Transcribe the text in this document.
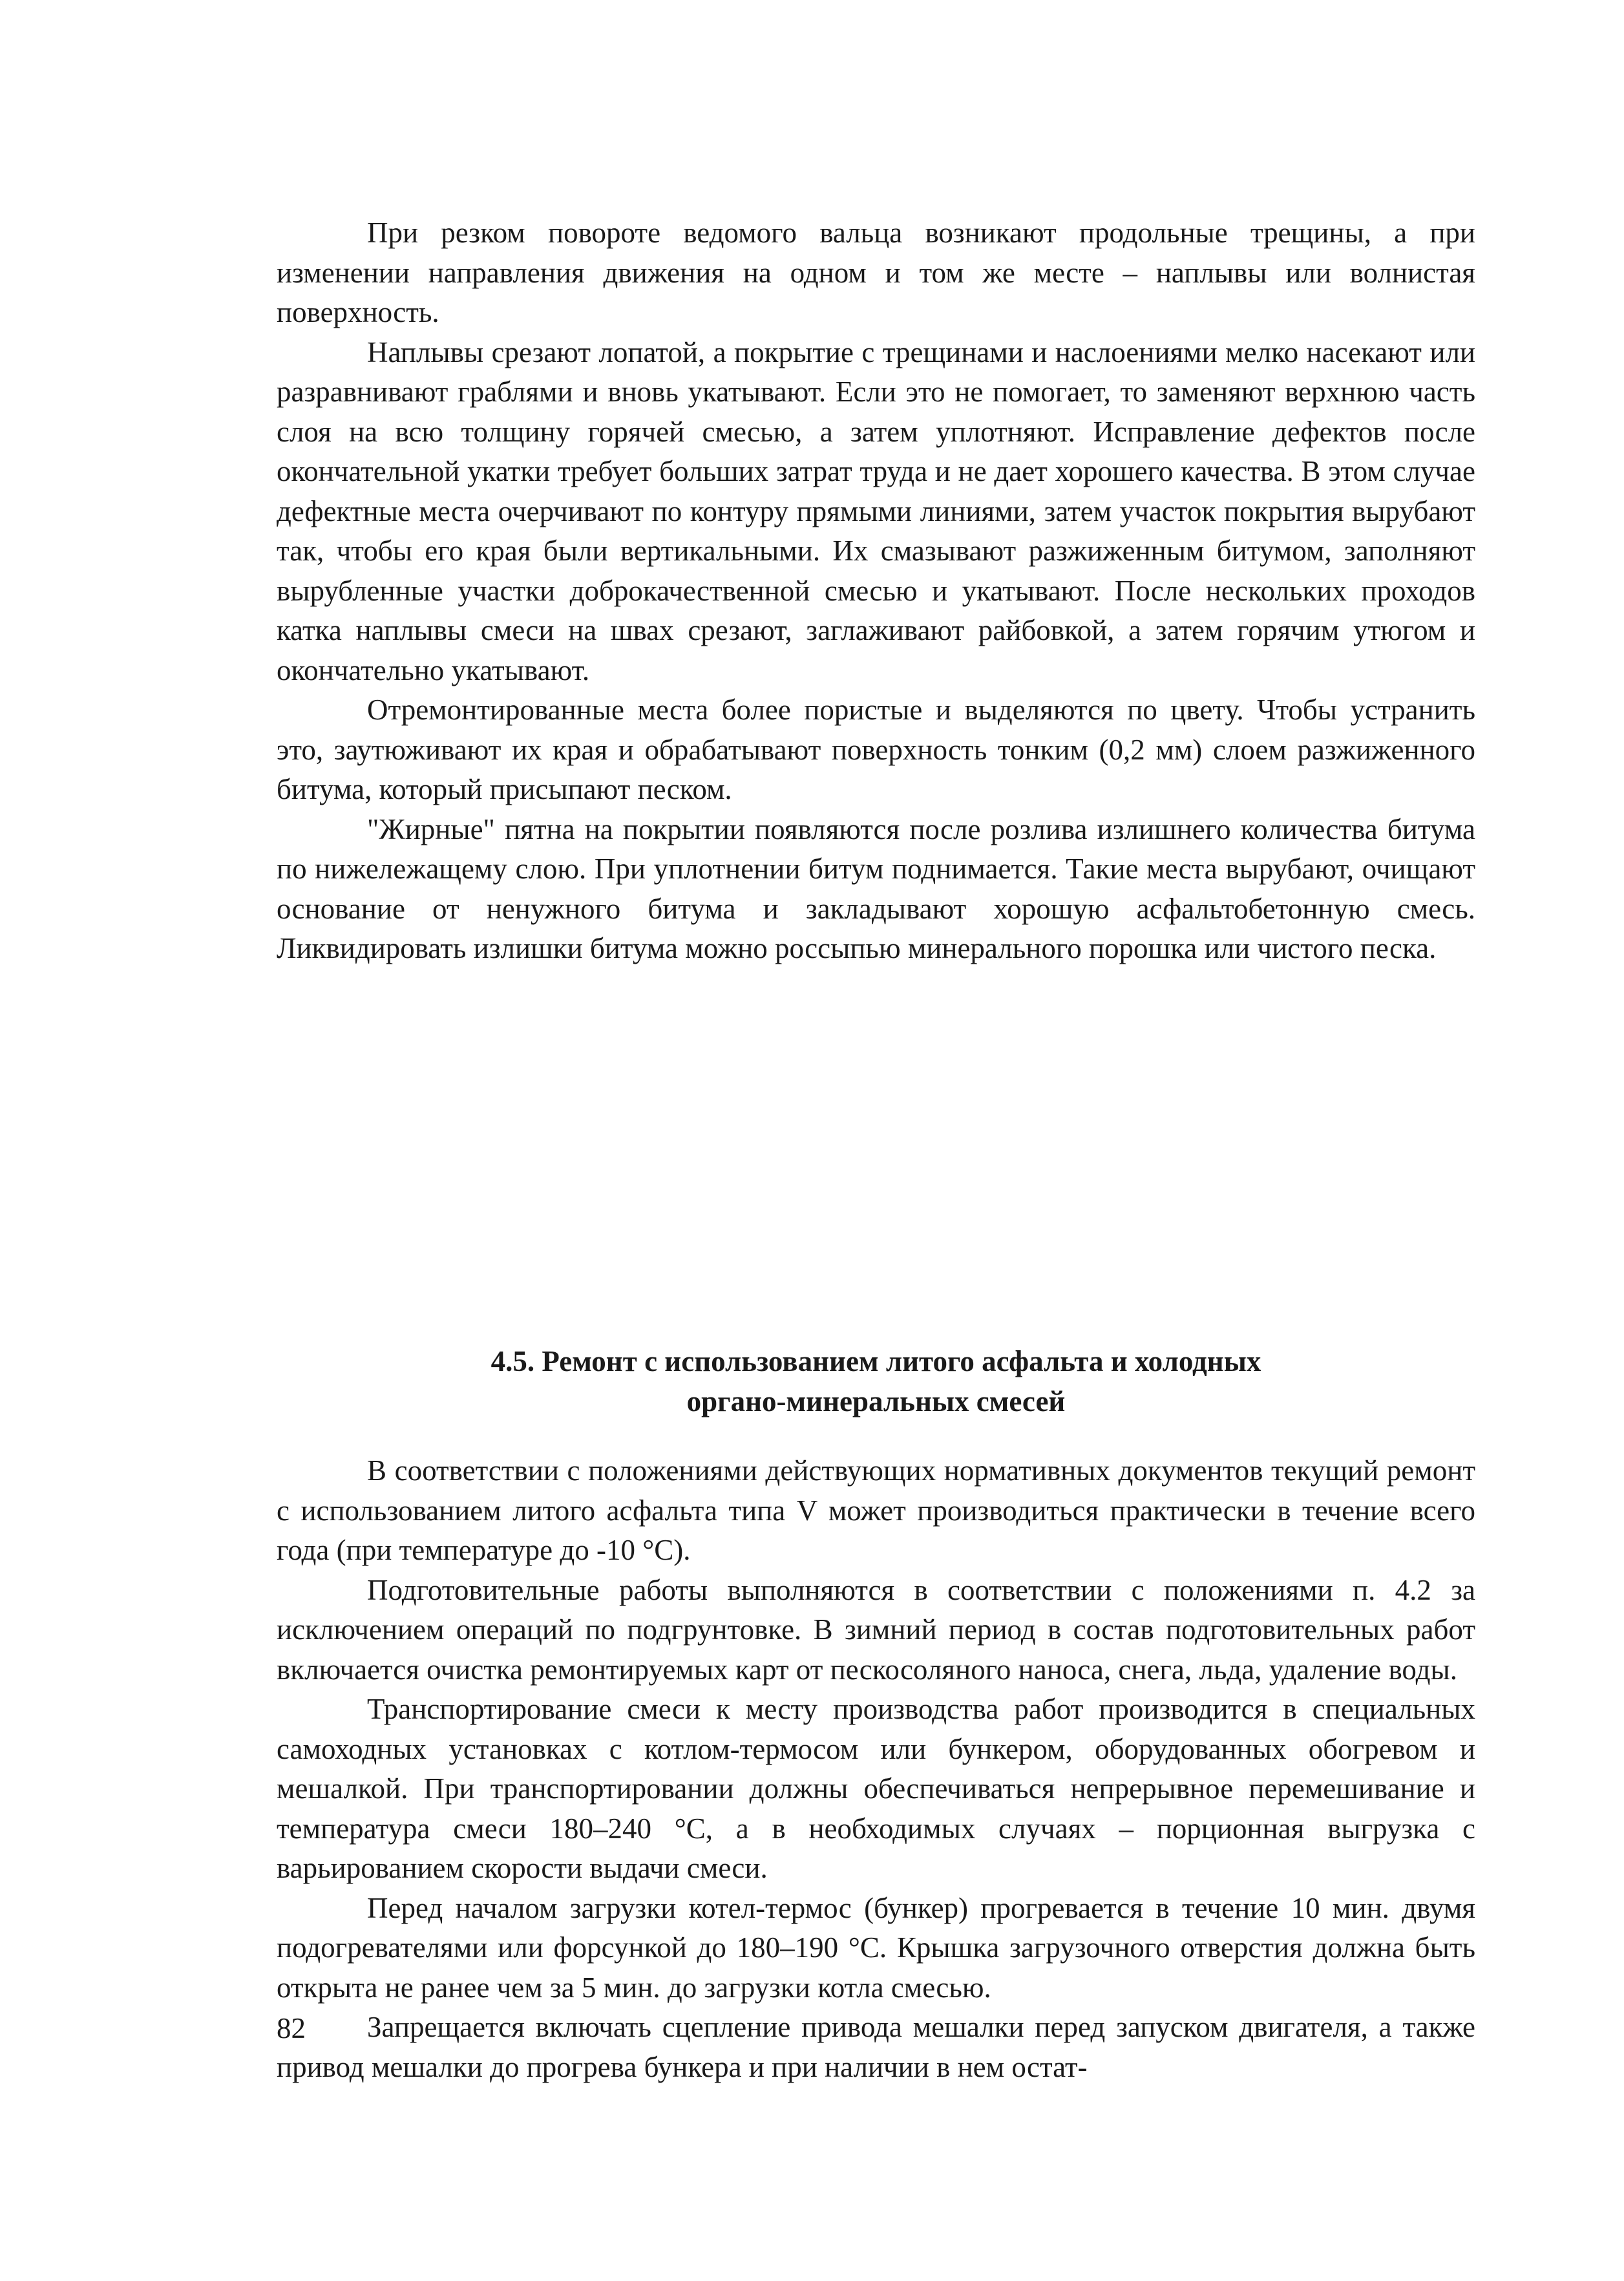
При резком повороте ведомого вальца возникают продольные трещины, а при изменении направления движения на одном и том же месте – наплывы или волнистая поверхность.

Наплывы срезают лопатой, а покрытие с трещинами и наслоениями мелко насекают или разравнивают граблями и вновь укатывают. Если это не помогает, то заменяют верхнюю часть слоя на всю толщину горячей смесью, а затем уплотняют. Исправление дефектов после окончательной укатки требует больших затрат труда и не дает хорошего качества. В этом случае дефектные места очерчивают по контуру прямыми линиями, затем участок покрытия вырубают так, чтобы его края были вертикальными. Их смазывают разжиженным битумом, заполняют вырубленные участки доброкачественной смесью и укатывают. После нескольких проходов катка наплывы смеси на швах срезают, заглаживают райбовкой, а затем горячим утюгом и окончательно укатывают.

Отремонтированные места более пористые и выделяются по цвету. Чтобы устранить это, заутюживают их края и обрабатывают поверхность тонким (0,2 мм) слоем разжиженного битума, который присыпают песком.

"Жирные" пятна на покрытии появляются после розлива излишнего количества битума по нижележащему слою. При уплотнении битум поднимается. Такие места вырубают, очищают основание от ненужного битума и закладывают хорошую асфальтобетонную смесь. Ликвидировать излишки битума можно россыпью минерального порошка или чистого песка.

4.5. Ремонт с использованием литого асфальта и холодных
органо-минеральных смесей

В соответствии с положениями действующих нормативных документов текущий ремонт с использованием литого асфальта типа V может производиться практически в течение всего года (при температуре до -10 °С).

Подготовительные работы выполняются в соответствии с положениями п. 4.2 за исключением операций по подгрунтовке. В зимний период в состав подготовительных работ включается очистка ремонтируемых карт от пескосоляного наноса, снега, льда, удаление воды.

Транспортирование смеси к месту производства работ производится в специальных самоходных установках с котлом-термосом или бункером, оборудованных обогревом и мешалкой. При транспортировании должны обеспечиваться непрерывное перемешивание и температура смеси 180–240 °С, а в необходимых случаях – порционная выгрузка с варьированием скорости выдачи смеси.

Перед началом загрузки котел-термос (бункер) прогревается в течение 10 мин. двумя подогревателями или форсункой до 180–190 °С. Крышка загрузочного отверстия должна быть открыта не ранее чем за 5 мин. до загрузки котла смесью.

Запрещается включать сцепление привода мешалки перед запуском двигателя, а также привод мешалки до прогрева бункера и при наличии в нем остат-

82
